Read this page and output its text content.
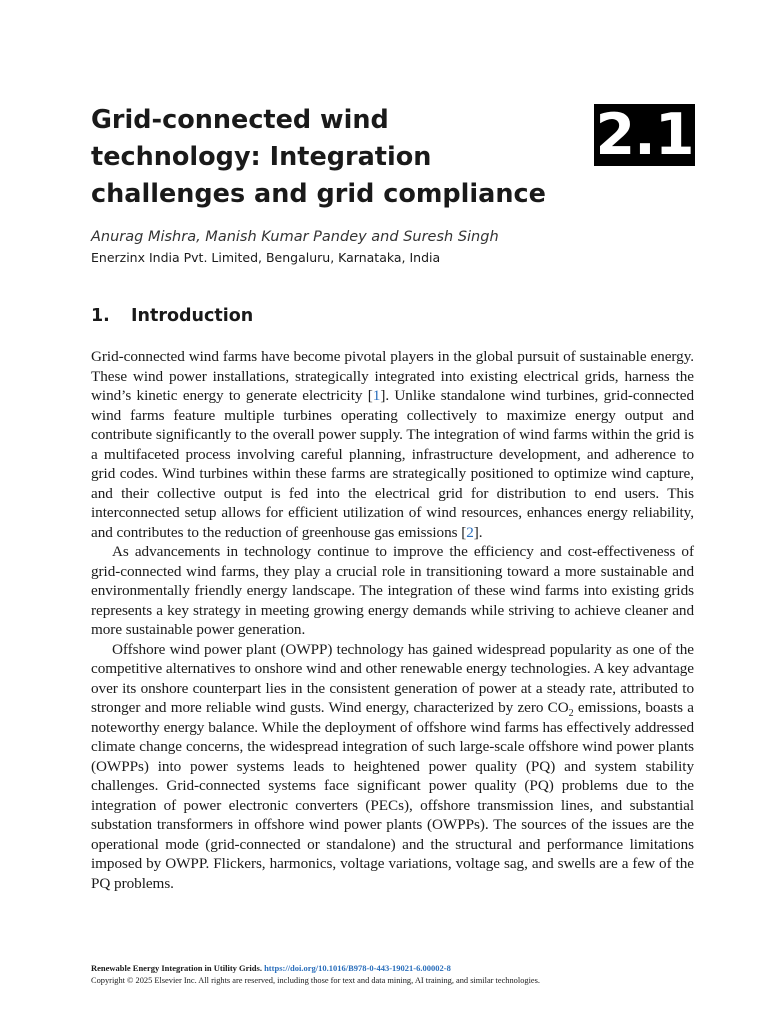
Grid-connected wind
technology: Integration
challenges and grid compliance
2.1
Anurag Mishra, Manish Kumar Pandey and Suresh Singh
Enerzinx India Pvt. Limited, Bengaluru, Karnataka, India
1. Introduction

Grid-connected wind farms have become pivotal players in the global pursuit of sustainable energy. These wind power installations, strategically integrated into existing electrical grids, harness the wind’s kinetic energy to generate electricity [1]. Unlike standalone wind turbines, grid-connected wind farms feature multiple turbines operating collectively to maximize energy output and contribute significantly to the overall power supply. The integration of wind farms within the grid is a multifaceted process involving careful planning, infrastructure development, and adherence to grid codes. Wind turbines within these farms are strategically positioned to optimize wind capture, and their collective output is fed into the electrical grid for distribution to end users. This interconnected setup allows for efficient utilization of wind resources, enhances energy reliability, and contributes to the reduction of greenhouse gas emissions [2].

As advancements in technology continue to improve the efficiency and cost-effectiveness of grid-connected wind farms, they play a crucial role in transitioning toward a more sustainable and environmentally friendly energy landscape. The integration of these wind farms into existing grids represents a key strategy in meeting growing energy demands while striving to achieve cleaner and more sustainable power generation.

Offshore wind power plant (OWPP) technology has gained widespread popularity as one of the competitive alternatives to onshore wind and other renewable energy technologies. A key advantage over its onshore counterpart lies in the consistent generation of power at a steady rate, attributed to stronger and more reliable wind gusts. Wind energy, characterized by zero $CO_2$ emissions, boasts a noteworthy energy balance. While the deployment of offshore wind farms has effectively addressed climate change concerns, the widespread integration of such large-scale offshore wind power plants (OWPPs) into power systems leads to heightened power quality (PQ) and system stability challenges. Grid-connected systems face significant power quality (PQ) problems due to the integration of power electronic converters (PECs), offshore transmission lines, and substantial substation transformers in offshore wind power plants (OWPPs). The sources of the issues are the operational mode (grid-connected or standalone) and the structural and performance limitations imposed by OWPP. Flickers, harmonics, voltage variations, voltage sag, and swells are a few of the PQ problems.

Renewable Energy Integration in Utility Grids. https://doi.org/10.1016/B978-0-443-19021-6.00002-8
Copyright © 2025 Elsevier Inc. All rights are reserved, including those for text and data mining, AI training, and similar technologies.
